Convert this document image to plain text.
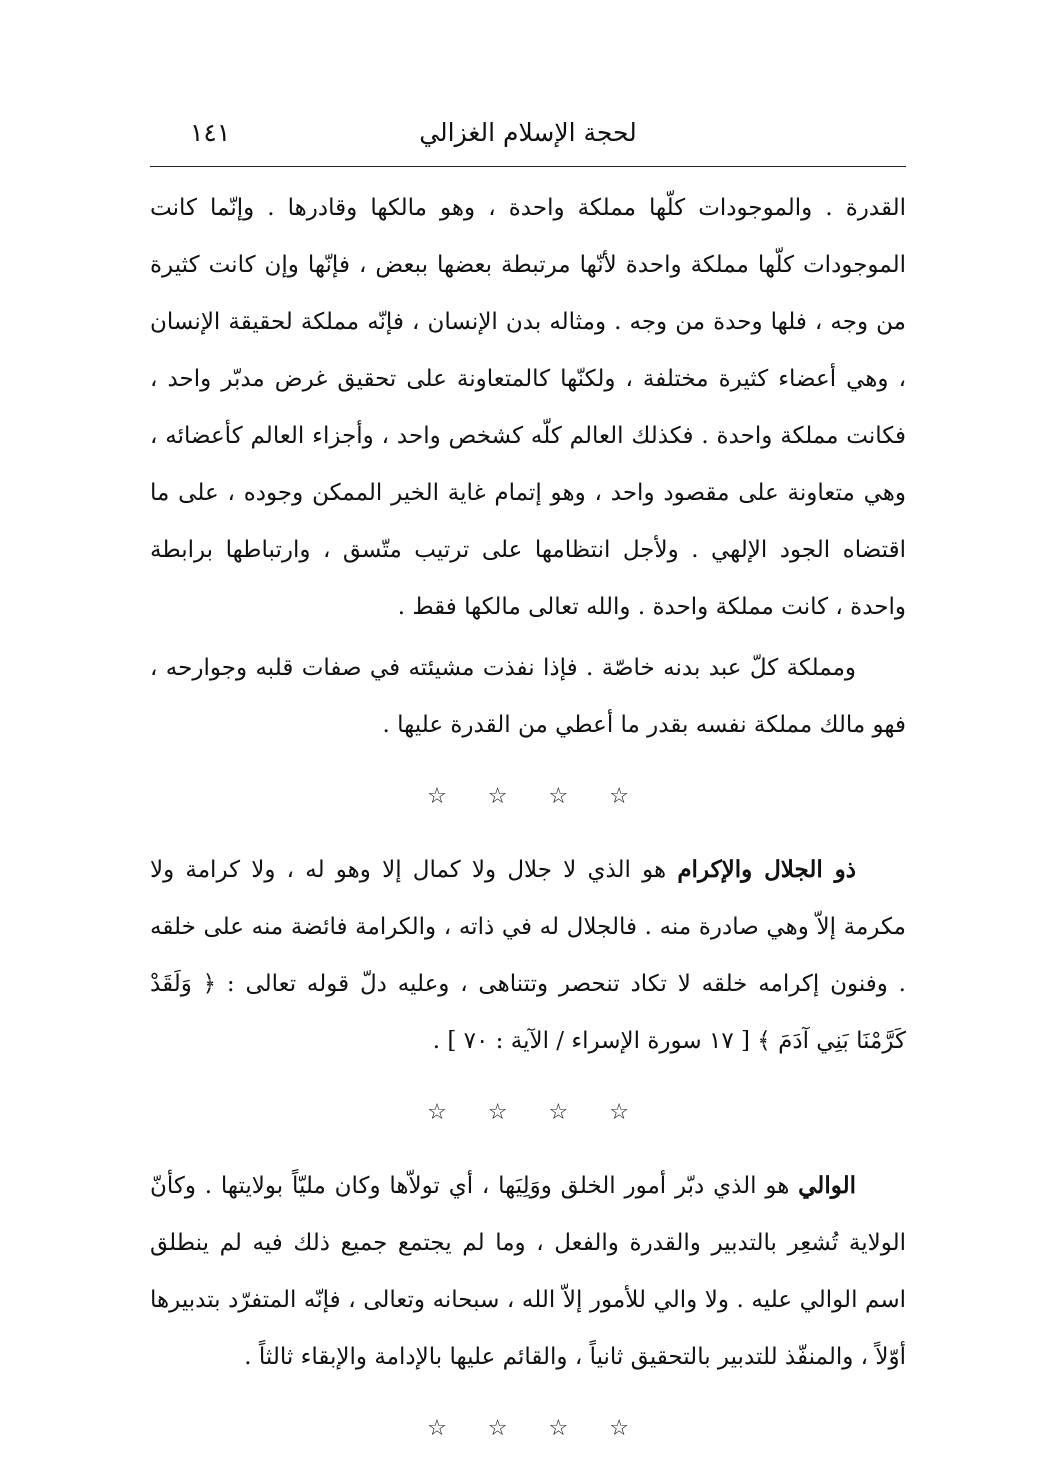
لحجة الإسلام الغزالي
١٤١

القدرة . والموجودات كلّها مملكة واحدة ، وهو مالكها وقادرها . وإنّما كانت الموجودات كلّها مملكة واحدة لأنّها مرتبطة بعضها ببعض ، فإنّها وإن كانت كثيرة من وجه ، فلها وحدة من وجه . ومثاله بدن الإنسان ، فإنّه مملكة لحقيقة الإنسان ، وهي أعضاء كثيرة مختلفة ، ولكنّها كالمتعاونة على تحقيق غرض مدبّر واحد ، فكانت مملكة واحدة . فكذلك العالم كلّه كشخص واحد ، وأجزاء العالم كأعضائه ، وهي متعاونة على مقصود واحد ، وهو إتمام غاية الخير الممكن وجوده ، على ما اقتضاه الجود الإلهي . ولأجل انتظامها على ترتيب متّسق ، وارتباطها برابطة واحدة ، كانت مملكة واحدة . والله تعالى مالكها فقط .

ومملكة كلّ عبد بدنه خاصّة . فإذا نفذت مشيئته في صفات قلبه وجوارحه ، فهو مالك مملكة نفسه بقدر ما أعطي من القدرة عليها .

☆ ☆ ☆ ☆

ذو الجلال والإكرام هو الذي لا جلال ولا كمال إلا وهو له ، ولا كرامة ولا مكرمة إلاّ وهي صادرة منه . فالجلال له في ذاته ، والكرامة فائضة منه على خلقه . وفنون إكرامه خلقه لا تكاد تنحصر وتتناهى ، وعليه دلّ قوله تعالى : ﴿ وَلَقَدْ كَرَّمْنَا بَنِي آدَمَ ﴾ [ ١٧ سورة الإسراء / الآية : ٧٠ ] .

☆ ☆ ☆ ☆

الوالي هو الذي دبّر أمور الخلق ووَلِيَها ، أي تولاّها وكان مليّاً بولايتها . وكأنّ الولاية تُشعِر بالتدبير والقدرة والفعل ، وما لم يجتمع جميع ذلك فيه لم ينطلق اسم الوالي عليه . ولا والي للأمور إلاّ الله ، سبحانه وتعالى ، فإنّه المتفرّد بتدبيرها أوّلاً ، والمنفّذ للتدبير بالتحقيق ثانياً ، والقائم عليها بالإدامة والإبقاء ثالثاً .

☆ ☆ ☆ ☆
